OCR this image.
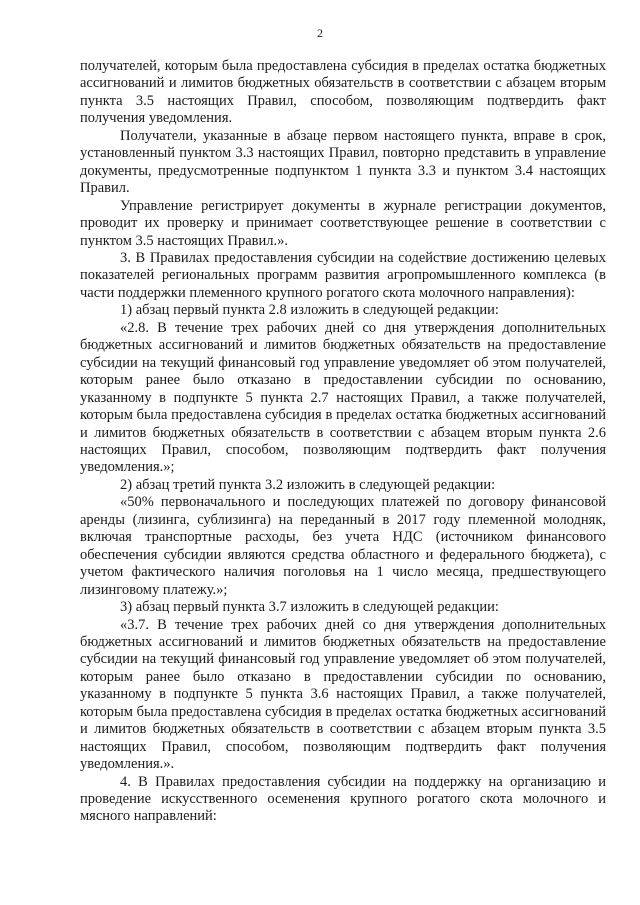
2

получателей, которым была предоставлена субсидия в пределах остатка бюджетных ассигнований и лимитов бюджетных обязательств в соответствии с абзацем вторым пункта 3.5 настоящих Правил, способом, позволяющим подтвердить факт получения уведомления.

Получатели, указанные в абзаце первом настоящего пункта, вправе в срок, установленный пунктом 3.3 настоящих Правил, повторно представить в управление документы, предусмотренные подпунктом 1 пункта 3.3 и пунктом 3.4 настоящих Правил.

Управление регистрирует документы в журнале регистрации документов, проводит их проверку и принимает соответствующее решение в соответствии с пунктом 3.5 настоящих Правил.».

3. В Правилах предоставления субсидии на содействие достижению целевых показателей региональных программ развития агропромышленного комплекса (в части поддержки племенного крупного рогатого скота молочного направления):

1) абзац первый пункта 2.8 изложить в следующей редакции:

«2.8. В течение трех рабочих дней со дня утверждения дополнительных бюджетных ассигнований и лимитов бюджетных обязательств на предоставление субсидии на текущий финансовый год управление уведомляет об этом получателей, которым ранее было отказано в предоставлении субсидии по основанию, указанному в подпункте 5 пункта 2.7 настоящих Правил, а также получателей, которым была предоставлена субсидия в пределах остатка бюджетных ассигнований и лимитов бюджетных обязательств в соответствии с абзацем вторым пункта 2.6 настоящих Правил, способом, позволяющим подтвердить факт получения уведомления.»;

2) абзац третий пункта 3.2 изложить в следующей редакции:

«50% первоначального и последующих платежей по договору финансовой аренды (лизинга, сублизинга) на переданный в 2017 году племенной молодняк, включая транспортные расходы, без учета НДС (источником финансового обеспечения субсидии являются средства областного и федерального бюджета), с учетом фактического наличия поголовья на 1 число месяца, предшествующего лизинговому платежу.»;

3) абзац первый пункта 3.7 изложить в следующей редакции:

«3.7. В течение трех рабочих дней со дня утверждения дополнительных бюджетных ассигнований и лимитов бюджетных обязательств на предоставление субсидии на текущий финансовый год управление уведомляет об этом получателей, которым ранее было отказано в предоставлении субсидии по основанию, указанному в подпункте 5 пункта 3.6 настоящих Правил, а также получателей, которым была предоставлена субсидия в пределах остатка бюджетных ассигнований и лимитов бюджетных обязательств в соответствии с абзацем вторым пункта 3.5 настоящих Правил, способом, позволяющим подтвердить факт получения уведомления.».

4. В Правилах предоставления субсидии на поддержку на организацию и проведение искусственного осеменения крупного рогатого скота молочного и мясного направлений:
